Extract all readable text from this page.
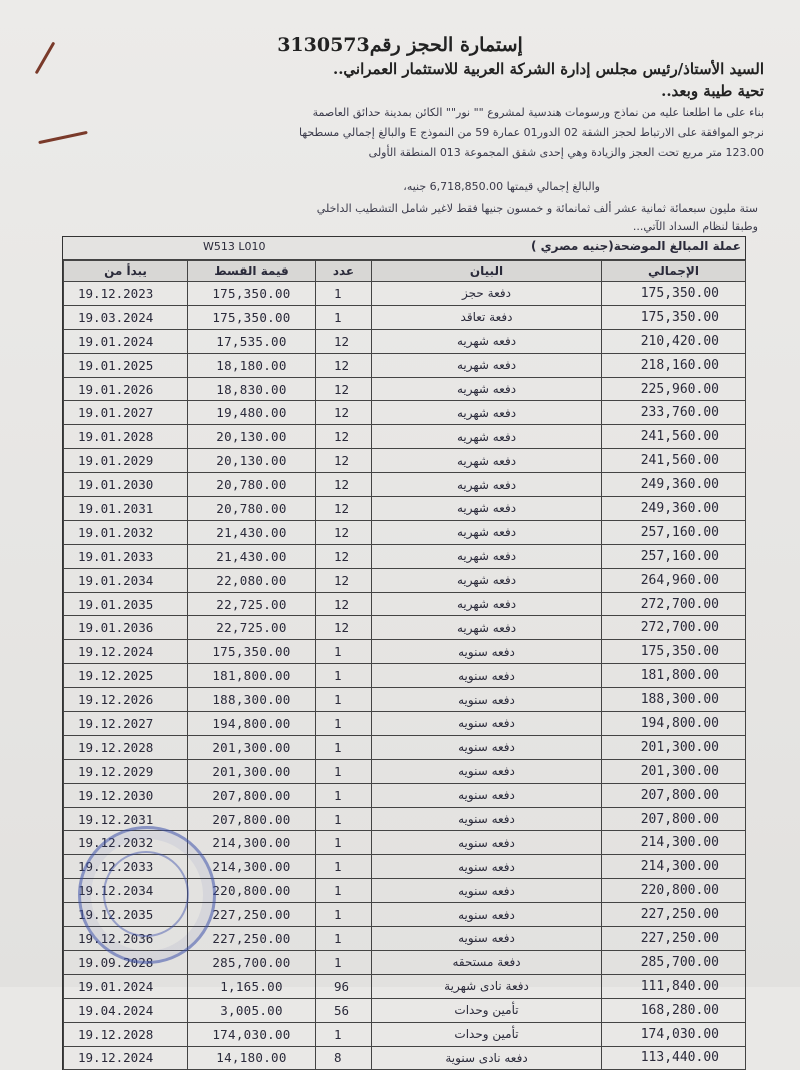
إستمارة الحجز رقم3130573
السيد الأستاذ/رئيس مجلس إدارة الشركة العربية للاستثمار العمراني..
تحية طيبة وبعد..
بناء على ما اطلعنا عليه من نماذج ورسومات هندسية لمشروع "" نور"" الكائن بمدينة حدائق العاصمة
نرجو الموافقة على الارتباط لحجز الشقة 02 الدور01 عمارة 59 من النموذج E والبالغ إجمالي مسطحها
123.00 متر مربع تحت العجز والزيادة وهي إحدى شقق المجموعة 013 المنطقة الأولى
والبالغ إجمالي قيمتها 6,718,850.00 جنيه،
ستة مليون سبعمائة ثمانية عشر ألف ثمانمائة و خمسون جنيها فقط لاغير شامل التشطيب الداخلي
وطبقا لنظام السداد الآتي...
W513 L010	عملة المبالغ الموضحة(جنيه مصري )
يبدأ من	قيمة القسط	عدد	البيان	الإجمالي
19.12.2023	175,350.00	1	دفعة حجز	175,350.00
19.03.2024	175,350.00	1	دفعة تعاقد	175,350.00
19.01.2024	17,535.00	12	دفعه شهريه	210,420.00
19.01.2025	18,180.00	12	دفعه شهريه	218,160.00
19.01.2026	18,830.00	12	دفعه شهريه	225,960.00
19.01.2027	19,480.00	12	دفعه شهريه	233,760.00
19.01.2028	20,130.00	12	دفعه شهريه	241,560.00
19.01.2029	20,130.00	12	دفعه شهريه	241,560.00
19.01.2030	20,780.00	12	دفعه شهريه	249,360.00
19.01.2031	20,780.00	12	دفعه شهريه	249,360.00
19.01.2032	21,430.00	12	دفعه شهريه	257,160.00
19.01.2033	21,430.00	12	دفعه شهريه	257,160.00
19.01.2034	22,080.00	12	دفعه شهريه	264,960.00
19.01.2035	22,725.00	12	دفعه شهريه	272,700.00
19.01.2036	22,725.00	12	دفعه شهريه	272,700.00
19.12.2024	175,350.00	1	دفعه سنويه	175,350.00
19.12.2025	181,800.00	1	دفعه سنويه	181,800.00
19.12.2026	188,300.00	1	دفعه سنويه	188,300.00
19.12.2027	194,800.00	1	دفعه سنويه	194,800.00
19.12.2028	201,300.00	1	دفعه سنويه	201,300.00
19.12.2029	201,300.00	1	دفعه سنويه	201,300.00
19.12.2030	207,800.00	1	دفعه سنويه	207,800.00
19.12.2031	207,800.00	1	دفعه سنويه	207,800.00
19.12.2032	214,300.00	1	دفعه سنويه	214,300.00
19.12.2033	214,300.00	1	دفعه سنويه	214,300.00
19.12.2034	220,800.00	1	دفعه سنويه	220,800.00
19.12.2035	227,250.00	1	دفعه سنويه	227,250.00
19.12.2036	227,250.00	1	دفعه سنويه	227,250.00
19.09.2028	285,700.00	1	دفعة مستحقه	285,700.00
19.01.2024	1,165.00	96	دفعة نادى شهرية	111,840.00
19.04.2024	3,005.00	56	تأمين وحدات	168,280.00
19.12.2028	174,030.00	1	تأمين وحدات	174,030.00
19.12.2024	14,180.00	8	دفعه نادى سنوية	113,440.00
